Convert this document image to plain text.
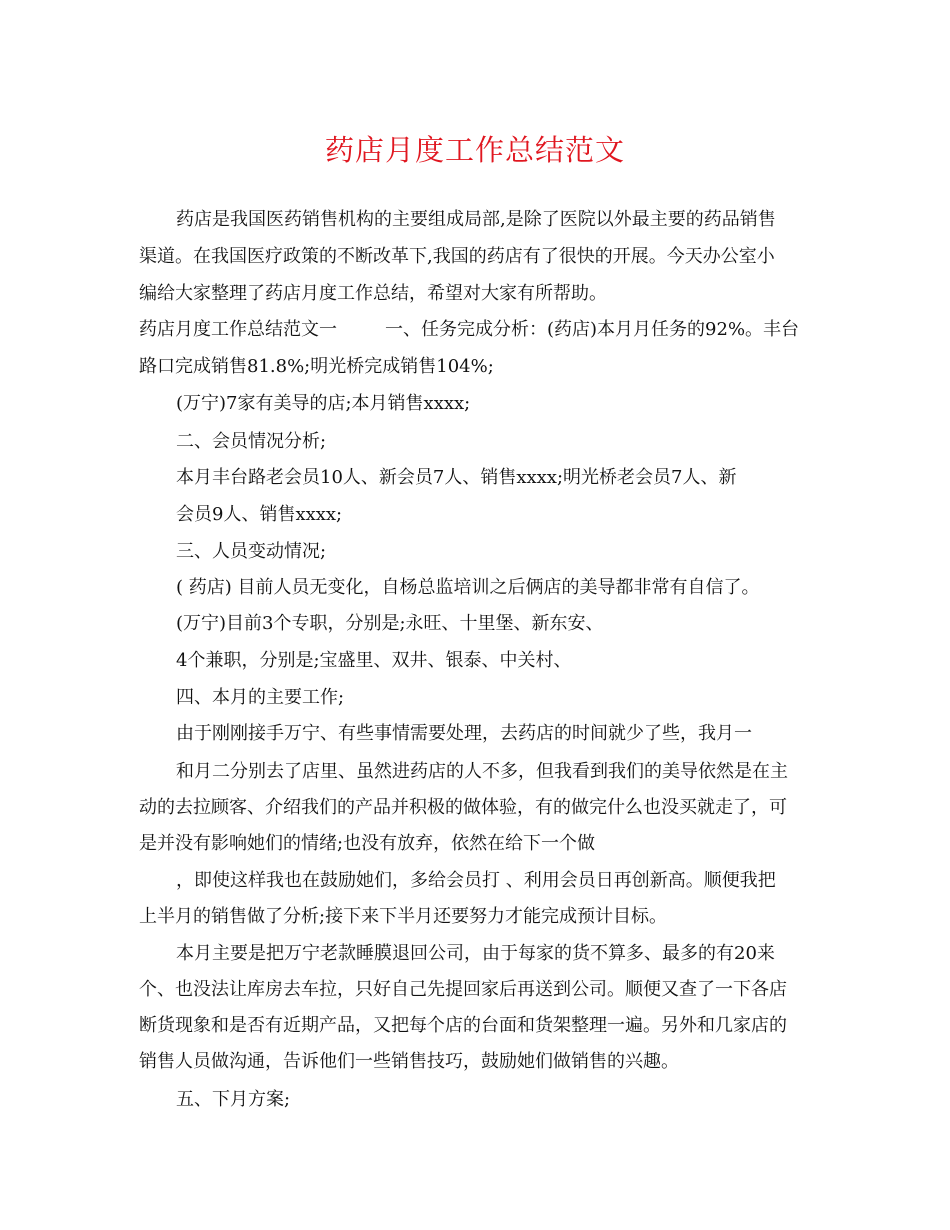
药店月度工作总结范文
药店是我国医药销售机构的主要组成局部,是除了医院以外最主要的药品销售
渠道。在我国医疗政策的不断改革下,我国的药店有了很快的开展。今天办公室小
编给大家整理了药店月度工作总结，希望对大家有所帮助。
药店月度工作总结范文一	一、任务完成分析：(药店)本月月任务的92%。丰台
路口完成销售81.8%;明光桥完成销售104%;
(万宁)7家有美导的店;本月销售xxxx;
二、会员情况分析;
本月丰台路老会员10人、新会员7人、销售xxxx;明光桥老会员7人、新
会员9人、销售xxxx;
三、人员变动情况;
( 药店) 目前人员无变化，自杨总监培训之后俩店的美导都非常有自信了。
(万宁)目前3个专职，分别是;永旺、十里堡、新东安、
4个兼职，分别是;宝盛里、双井、银泰、中关村、
四、本月的主要工作;
由于刚刚接手万宁、有些事情需要处理，去药店的时间就少了些，我月一
和月二分别去了店里、虽然进药店的人不多，但我看到我们的美导依然是在主
动的去拉顾客、介绍我们的产品并积极的做体验，有的做完什么也没买就走了，可
是并没有影响她们的情绪;也没有放弃，依然在给下一个做
，即使这样我也在鼓励她们，多给会员打 、利用会员日再创新高。顺便我把
上半月的销售做了分析;接下来下半月还要努力才能完成预计目标。
本月主要是把万宁老款睡膜退回公司，由于每家的货不算多、最多的有20来
个、也没法让库房去车拉，只好自己先提回家后再送到公司。顺便又查了一下各店
断货现象和是否有近期产品，又把每个店的台面和货架整理一遍。另外和几家店的
销售人员做沟通，告诉他们一些销售技巧，鼓励她们做销售的兴趣。
五、下月方案;
